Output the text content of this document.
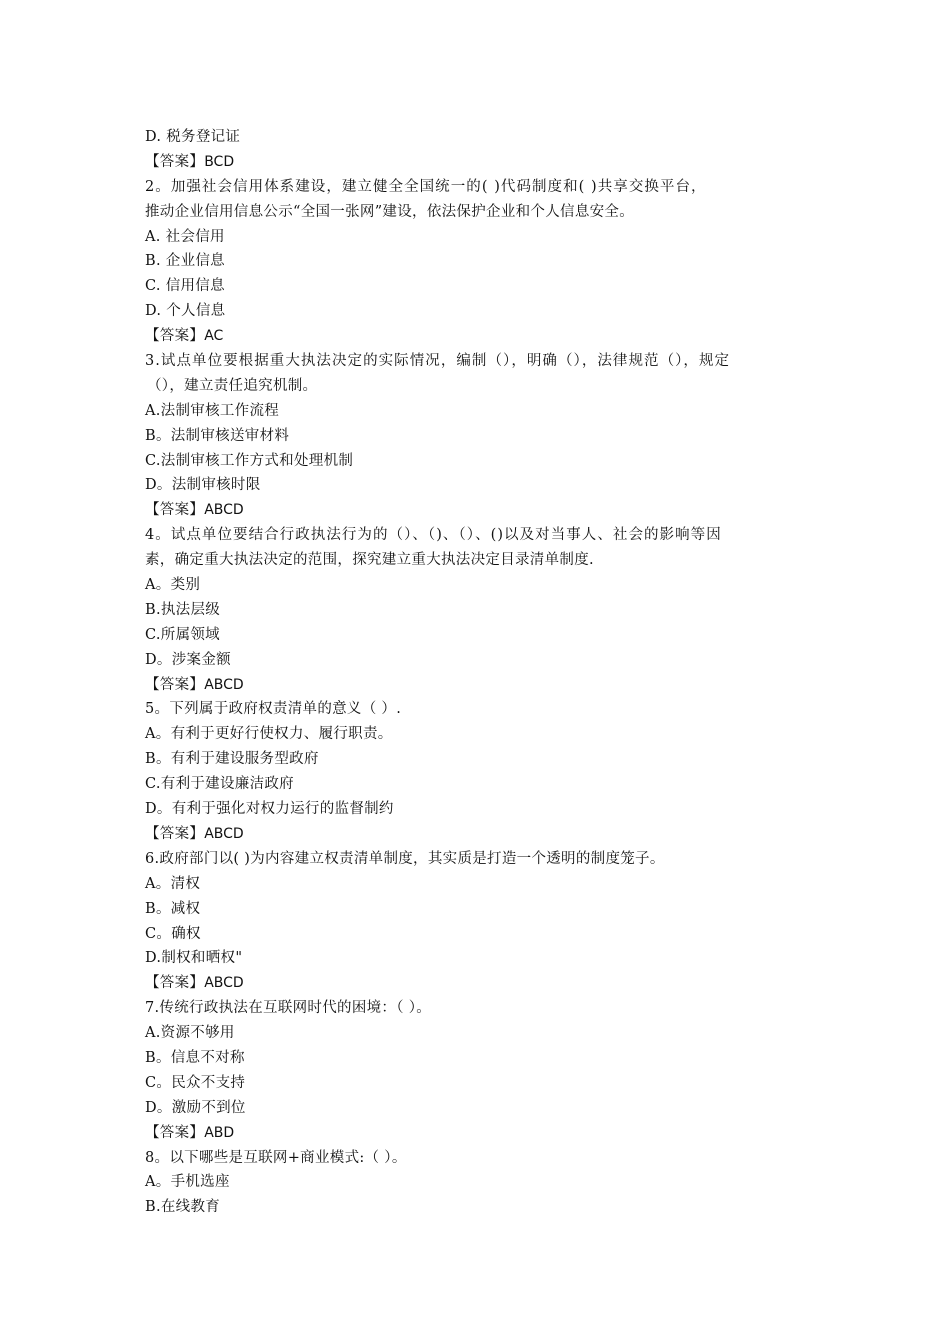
D. 税务登记证
【答案】BCD
2。加强社会信用体系建设，建立健全全国统一的( )代码制度和( )共享交换平台，
推动企业信用信息公示“全国一张网”建设，依法保护企业和个人信息安全。
A. 社会信用
B. 企业信息
C. 信用信息
D. 个人信息
【答案】AC
3.试点单位要根据重大执法决定的实际情况，编制（），明确（），法律规范（），规定
（），建立责任追究机制。
A.法制审核工作流程
B。法制审核送审材料
C.法制审核工作方式和处理机制
D。法制审核时限
【答案】ABCD
4。试点单位要结合行政执法行为的（）、（)、（）、()以及对当事人、社会的影响等因
素，确定重大执法决定的范围，探究建立重大执法决定目录清单制度.
A。类别
B.执法层级
C.所属领域
D。涉案金额
【答案】ABCD
5。下列属于政府权责清单的意义（ ）.
A。有利于更好行使权力、履行职责。
B。有利于建设服务型政府
C.有利于建设廉洁政府
D。有利于强化对权力运行的监督制约
【答案】ABCD
6.政府部门以( )为内容建立权责清单制度，其实质是打造一个透明的制度笼子。
A。清权
B。减权
C。确权
D.制权和晒权"
【答案】ABCD
7.传统行政执法在互联网时代的困境：（ ）。
A.资源不够用
B。信息不对称
C。民众不支持
D。激励不到位
【答案】ABD
8。以下哪些是互联网+商业模式:（ ）。
A。手机选座
B.在线教育
